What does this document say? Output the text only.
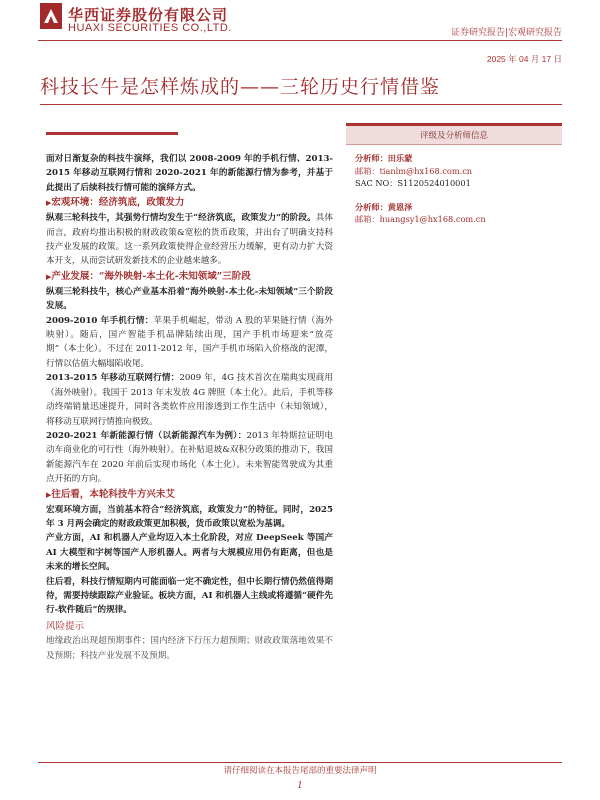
华西证券股份有限公司
HUAXI SECURITIES CO.,LTD.	证券研究报告|宏观研究报告
2025 年 04 月 17 日
科技长牛是怎样炼成的——三轮历史行情借鉴

面对日渐复杂的科技牛演绎，我们以 2008-2009 年的手机行情、2013-2015 年移动互联网行情和 2020-2021 年的新能源行情为参考，并基于此提出了后续科技行情可能的演绎方式。

▶宏观环境：经济筑底，政策发力

纵观三轮科技牛，其强势行情均发生于“经济筑底，政策发力”的阶段。具体而言，政府均推出积极的财政政策&宽松的货币政策，并出台了明确支持科技产业发展的政策。这一系列政策使得企业经营压力缓解，更有动力扩大资本开支，从而尝试研发新技术的企业越来越多。

▶产业发展：“海外映射-本土化-未知领域”三阶段

纵观三轮科技牛，核心产业基本沿着“海外映射-本土化-未知领域”三个阶段发展。

2009-2010 年手机行情：苹果手机崛起，带动 A 股的苹果链行情（海外映射）。随后，国产智能手机品牌陆续出现，国产手机市场迎来“放亮期”（本土化）。不过在 2011-2012 年，国产手机市场陷入价格战的泥潭，行情以估值大幅塌陷收尾。

2013-2015 年移动互联网行情：2009 年，4G 技术首次在瑞典实现商用（海外映射）。我国于 2013 年末发放 4G 牌照（本土化）。此后，手机等移动终端销量迅速提升，同时各类软件应用渗透到工作生活中（未知领域），将移动互联网行情推向极致。

2020-2021 年新能源行情（以新能源汽车为例）：2013 年特斯拉证明电动车商业化的可行性（海外映射）。在补贴退坡&双积分政策的推动下，我国新能源汽车在 2020 年前后实现市场化（本土化）。未来智能驾驶成为其重点开拓的方向。

▶往后看，本轮科技牛方兴未艾

宏观环境方面，当前基本符合“经济筑底，政策发力”的特征。同时，2025 年 3 月两会确定的财政政策更加积极，货币政策以宽松为基调。

产业方面，AI 和机器人产业均迈入本土化阶段，对应 DeepSeek 等国产 AI 大模型和宇树等国产人形机器人。两者与大规模应用仍有距离，但也是未来的增长空间。

往后看，科技行情短期内可能面临一定不确定性，但中长期行情仍然值得期待，需要持续跟踪产业验证。板块方面，AI 和机器人主线或将遵循“硬件先行-软件随后”的规律。

风险提示

地缘政治出现超预期事件；国内经济下行压力超预期；财政政策落地效果不及预期；科技产业发展不及预期。

评级及分析师信息
分析师：田乐蒙
邮箱：tianlm@hx168.com.cn
SAC NO：S1120524010001
分析师：黄恩泽
邮箱：huangsy1@hx168.com.cn
请仔细阅读在本报告尾部的重要法律声明
1
